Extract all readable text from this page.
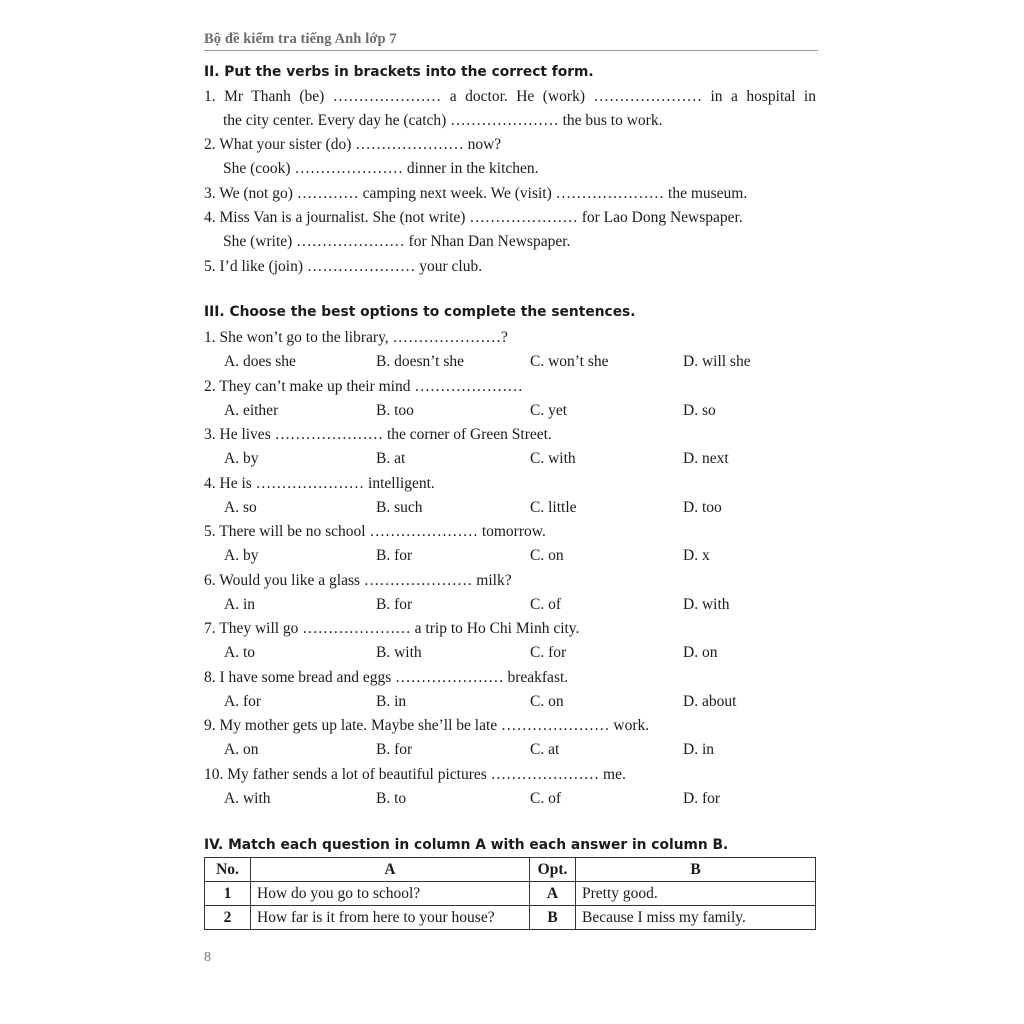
Bộ đề kiểm tra tiếng Anh lớp 7
II. Put the verbs in brackets into the correct form.
1. Mr Thanh (be) ………………… a doctor. He (work) ………………… in a hospital in
the city center. Every day he (catch) ………………… the bus to work.
2. What your sister (do) ………………… now?
She (cook) ………………… dinner in the kitchen.
3. We (not go) ………… camping next week. We (visit) ………………… the museum.
4. Miss Van is a journalist. She (not write) ………………… for Lao Dong Newspaper.
She (write) ………………… for Nhan Dan Newspaper.
5. I’d like (join) ………………… your club.
III. Choose the best options to complete the sentences.
1. She won’t go to the library, …………………?
A. does she	B. doesn’t she	C. won’t she	D. will she
2. They can’t make up their mind …………………
A. either	B. too	C. yet	D. so
3. He lives ………………… the corner of Green Street.
A. by	B. at	C. with	D. next
4. He is ………………… intelligent.
A. so	B. such	C. little	D. too
5. There will be no school ………………… tomorrow.
A. by	B. for	C. on	D. x
6. Would you like a glass ………………… milk?
A. in	B. for	C. of	D. with
7. They will go ………………… a trip to Ho Chi Minh city.
A. to	B. with	C. for	D. on
8. I have some bread and eggs ………………… breakfast.
A. for	B. in	C. on	D. about
9. My mother gets up late. Maybe she’ll be late ………………… work.
A. on	B. for	C. at	D. in
10. My father sends a lot of beautiful pictures ………………… me.
A. with	B. to	C. of	D. for
IV. Match each question in column A with each answer in column B.
No.	A	Opt.	B
1	How do you go to school?	A	Pretty good.
2	How far is it from here to your house?	B	Because I miss my family.
8
